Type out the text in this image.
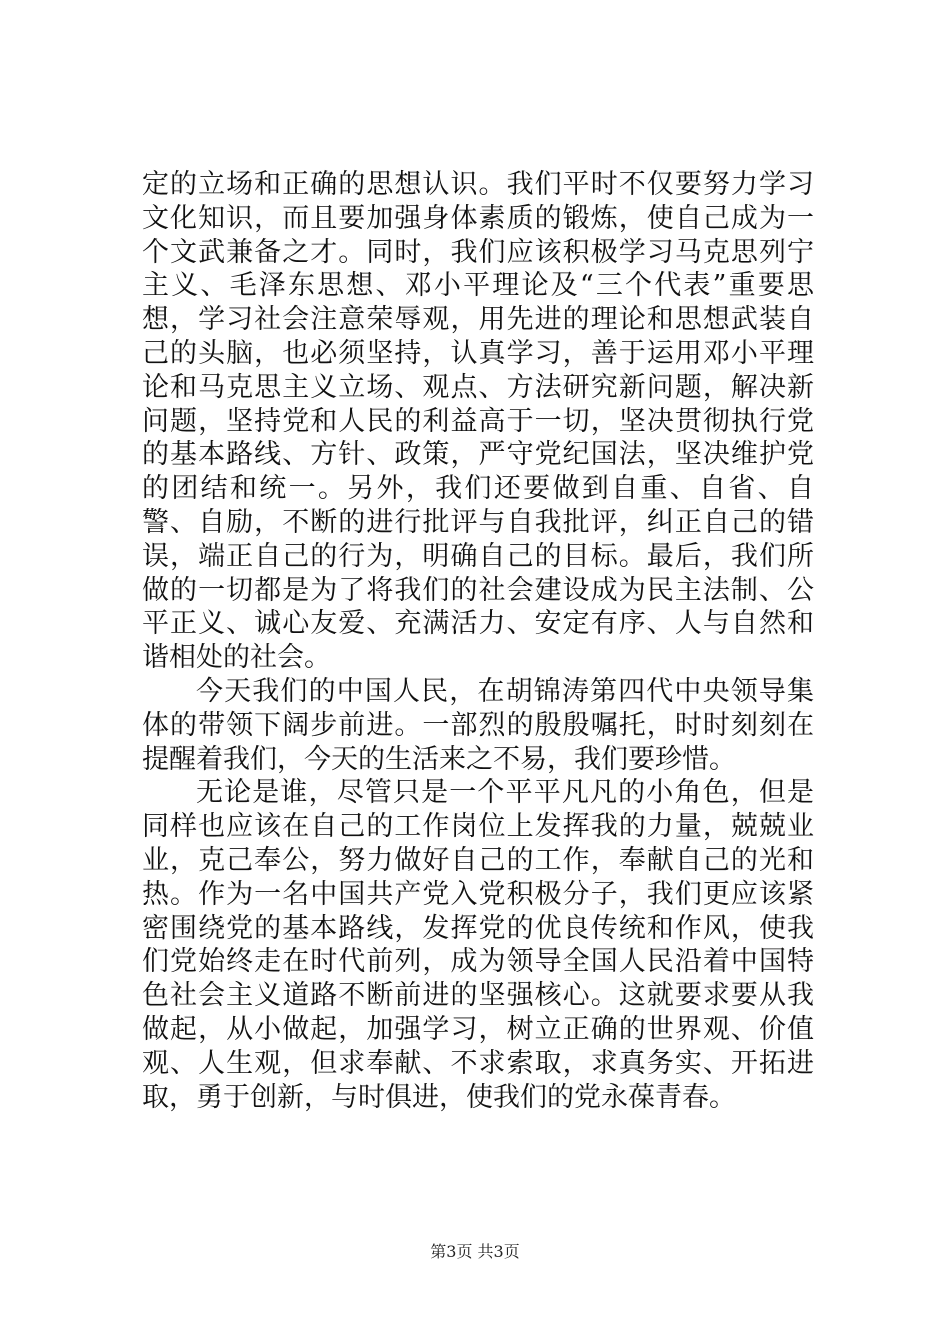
定的立场和正确的思想认识。我们平时不仅要努力学习文化知识，而且要加强身体素质的锻炼，使自己成为一个文武兼备之才。同时，我们应该积极学习马克思列宁主义、毛泽东思想、邓小平理论及“三个代表”重要思想，学习社会注意荣辱观，用先进的理论和思想武装自己的头脑，也必须坚持，认真学习，善于运用邓小平理论和马克思主义立场、观点、方法研究新问题，解决新问题，坚持党和人民的利益高于一切，坚决贯彻执行党的基本路线、方针、政策，严守党纪国法，坚决维护党的团结和统一。另外，我们还要做到自重、自省、自警、自励，不断的进行批评与自我批评，纠正自己的错误，端正自己的行为，明确自己的目标。最后，我们所做的一切都是为了将我们的社会建设成为民主法制、公平正义、诚心友爱、充满活力、安定有序、人与自然和谐相处的社会。

今天我们的中国人民，在胡锦涛第四代中央领导集体的带领下阔步前进。一部烈的殷殷嘱托，时时刻刻在提醒着我们，今天的生活来之不易，我们要珍惜。

无论是谁，尽管只是一个平平凡凡的小角色，但是同样也应该在自己的工作岗位上发挥我的力量，兢兢业业，克己奉公，努力做好自己的工作，奉献自己的光和热。作为一名中国共产党入党积极分子，我们更应该紧密围绕党的基本路线，发挥党的优良传统和作风，使我们党始终走在时代前列，成为领导全国人民沿着中国特色社会主义道路不断前进的坚强核心。这就要求要从我做起，从小做起，加强学习，树立正确的世界观、价值观、人生观，但求奉献、不求索取，求真务实、开拓进取，勇于创新，与时俱进，使我们的党永葆青春。

第3页 共3页
